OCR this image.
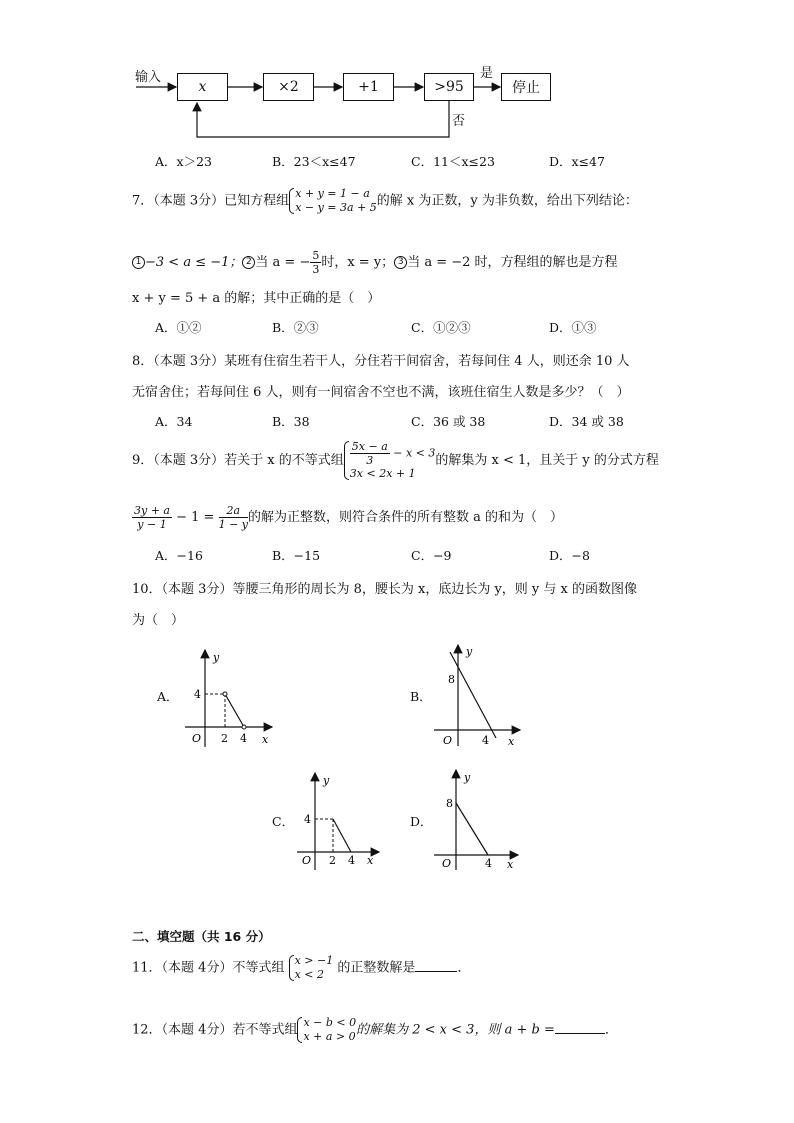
输入
x	×2	+1	>95	停止
是
否
A．x＞23	B．23＜x≤47	C．11＜x≤23	D．x≤47
7．（本题 3分）已知方程组 x + y = 1 − a
x − y = 3a + 5 的解 x 为正数，y 为非负数，给出下列结论：
1 −3 < a ≤ −1； 2 当 a = − $\frac{5}{3}$ 时，x = y； 3 当 a = −2 时，方程组的解也是方程
x + y = 5 + a 的解；其中正确的是（　）
A．①②	B．②③	C．①②③	D．①③
8．（本题 3分）某班有住宿生若干人，分住若干间宿舍，若每间住 4 人，则还余 10 人
无宿舍住；若每间住 6 人，则有一间宿舍不空也不满，该班住宿生人数是多少？（　）
A．34	B．38	C．36 或 38	D．34 或 38
9．（本题 3分）若关于 x 的不等式组 $\frac{5x - a}{3} - x < 3$
3x < 2x + 1
的解集为 x < 1，且关于 y 的分式方程
$\frac{3y + a}{y - 1} - 1 = \frac{2a}{1 - y}$ 的解为正整数，则符合条件的所有整数 a 的和为（　）
A．−16	B．−15	C．−9	D．−8
10．（本题 3分）等腰三角形的周长为 8，腰长为 x，底边长为 y，则 y 与 x 的函数图像
为（　）
A．	B．
C．	D．
y
x
O 2 4
4
y
x
O	4
8
y
x
O 2 4
4
y
x
O	4
8
二、填空题（共 16 分）
11．（本题 4分）不等式组 x > −1
x < 2	的正整数解是	．
12．（本题 4分）若不等式组 x − b < 0
x + a > 0 的解集为 2 < x < 3，则 a + b =	．
